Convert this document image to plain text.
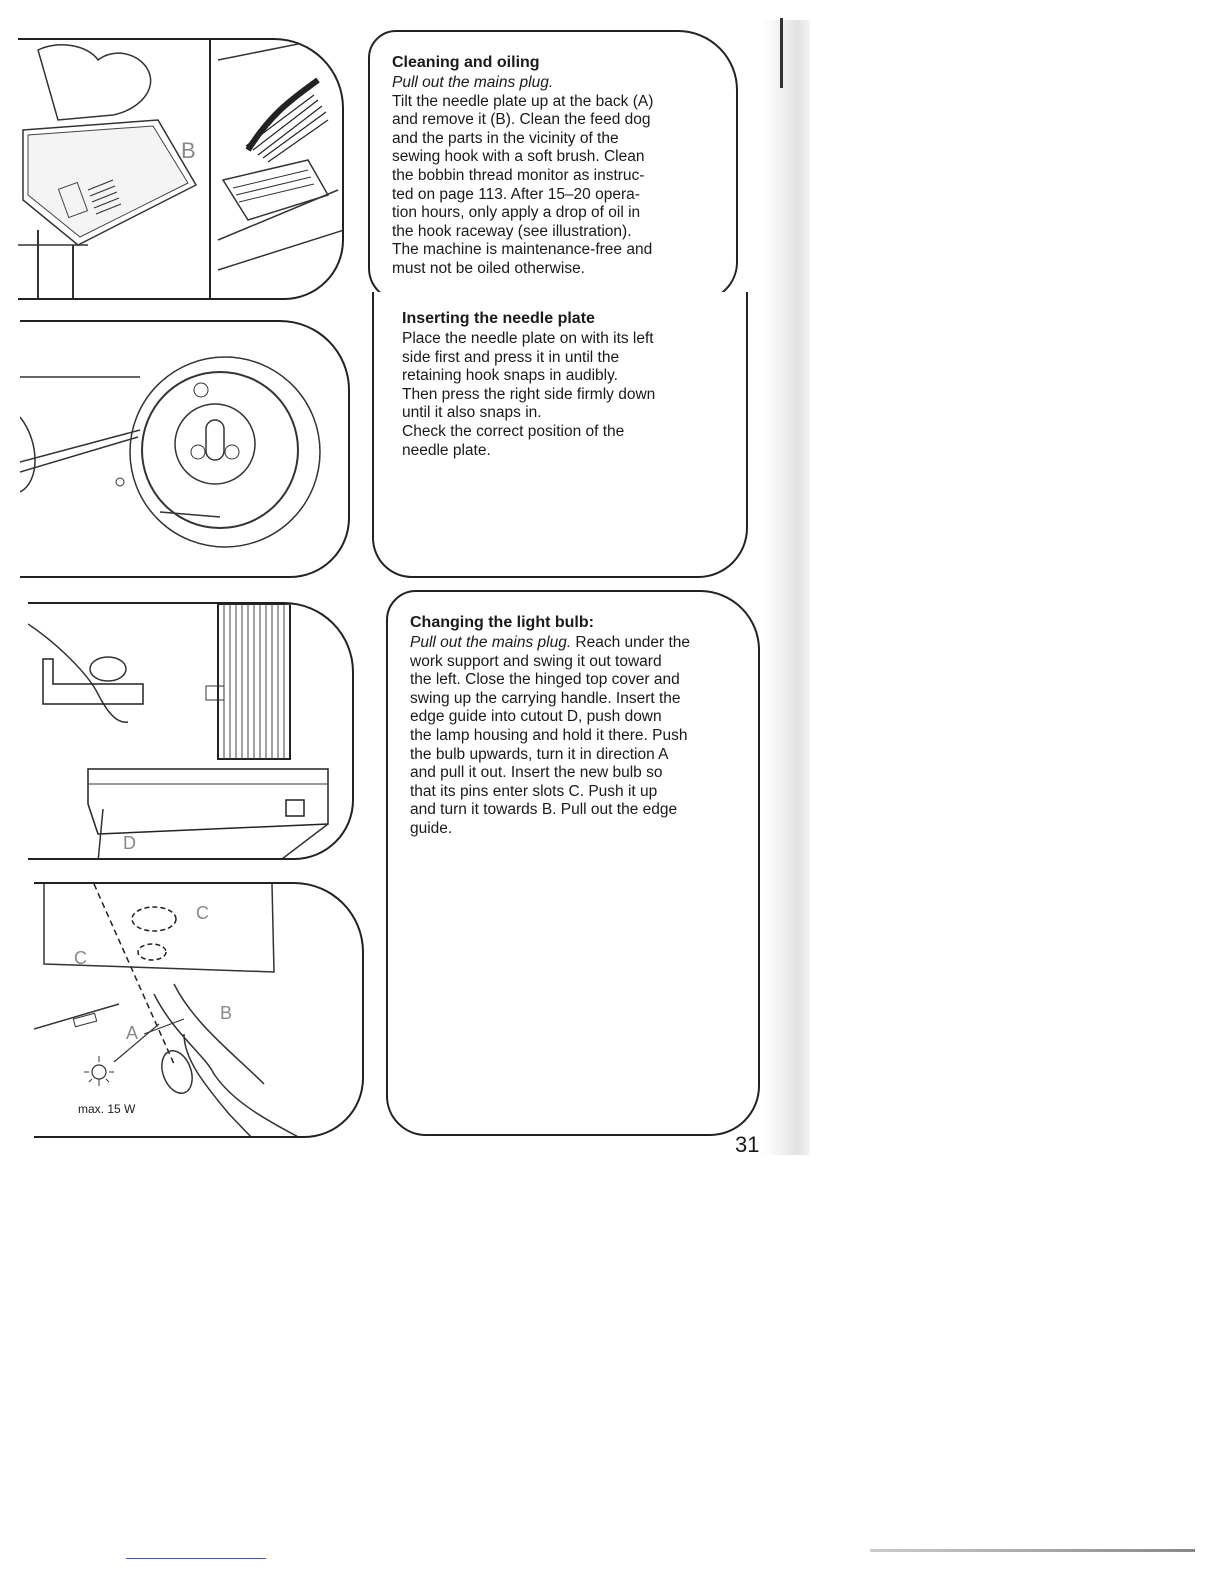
B
D
C
C
A
B
max. 15 W
Cleaning and oiling

Pull out the mains plug.

Tilt the needle plate up at the back (A)

and remove it (B). Clean the feed dog

and the parts in the vicinity of the

sewing hook with a soft brush. Clean

the bobbin thread monitor as instruc-

ted on page 113. After 15–20 opera-

tion hours, only apply a drop of oil in

the hook raceway (see illustration).

The machine is maintenance-free and

must not be oiled otherwise.

Inserting the needle plate

Place the needle plate on with its left

side first and press it in until the

retaining hook snaps in audibly.

Then press the right side firmly down

until it also snaps in.

Check the correct position of the

needle plate.

Changing the light bulb:

Pull out the mains plug. Reach under the

work support and swing it out toward

the left. Close the hinged top cover and

swing up the carrying handle. Insert the

edge guide into cutout D, push down

the lamp housing and hold it there. Push

the bulb upwards, turn it in direction A

and pull it out. Insert the new bulb so

that its pins enter slots C. Push it up

and turn it towards B. Pull out the edge

guide.

31
